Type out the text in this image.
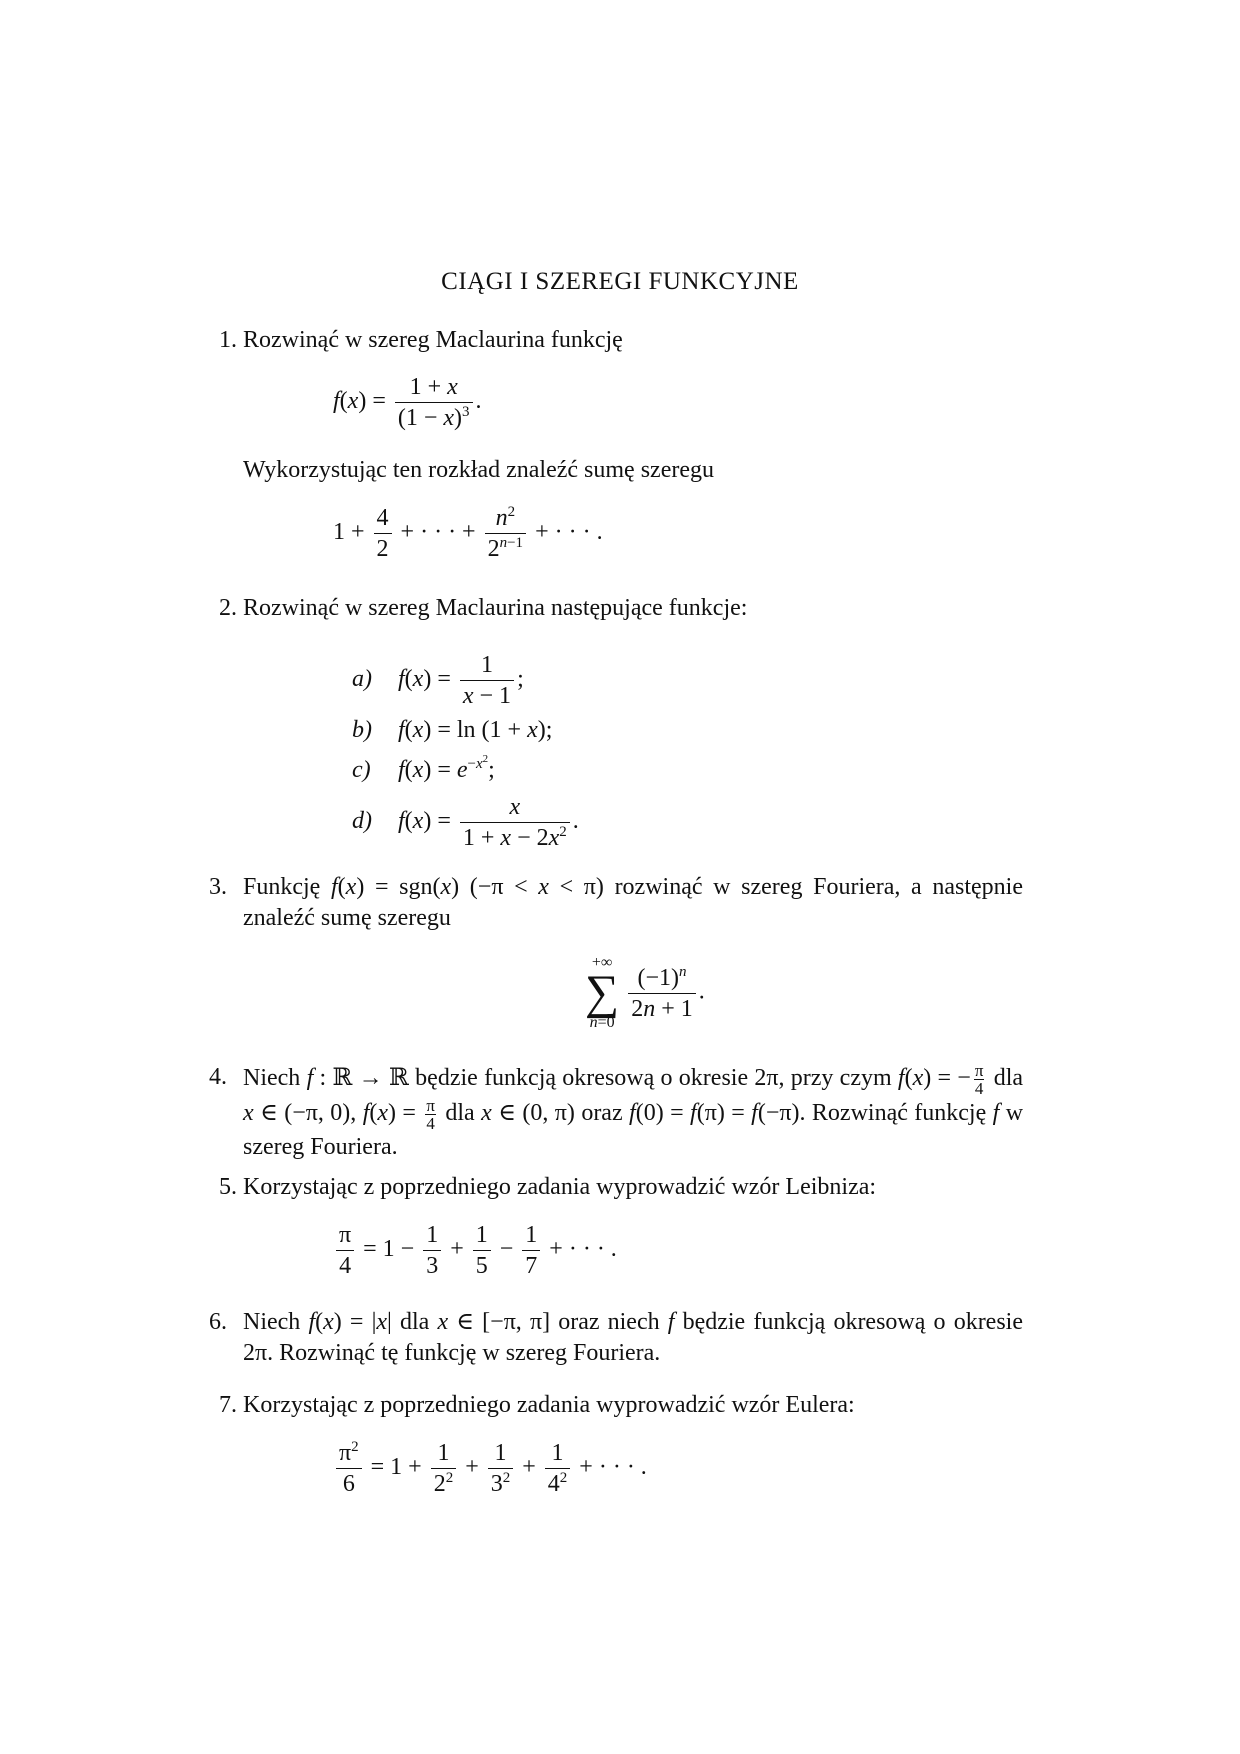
CIĄGI I SZEREGI FUNKCYJNE
1. Rozwinąć w szereg Maclaurina funkcję
$f(x) = \frac{1 + x}{(1 - x)^3}$ .
Wykorzystując ten rozkład znaleźć sumę szeregu
$1 + \frac{4}{2}$ + · · · + $\frac{n^2}{2^{n-1}}$ + · · · .
2. Rozwinąć w szereg Maclaurina następujące funkcje:
a) $f(x) = \frac{1}{x - 1}$ ;
b) f(x) = ln (1 + x);
c) $f(x) = e^{-x^2}$;
d) $f(x) = \frac{x}{1 + x - 2x^2}$ .
3. Funkcję f(x) = sgn(x) (−π < x < π) rozwinąć w szereg Fouriera, a następnie znaleźć sumę szeregu
+∞
∑
n=0
$\frac{(-1)^n}{2n + 1}$ .
4. Niech f : ℝ → ℝ będzie funkcją okresową o okresie 2π, przy czym f(x) = − $\frac{\pi}{4}$ dla x ∈ (−π, 0), $f(x) = \frac{\pi}{4}$ dla x ∈ (0, π) oraz f(0) = f(π) = f(−π). Rozwinąć funkcję f w szereg Fouriera.
5. Korzystając z poprzedniego zadania wyprowadzić wzór Leibniza:
$\frac{\pi}{4} = 1 - \frac{1}{3} + \frac{1}{5} - \frac{1}{7}$ + · · · .
6. Niech f(x) = |x| dla x ∈ [−π, π] oraz niech f będzie funkcją okresową o okresie 2π. Rozwinąć tę funkcję w szereg Fouriera.
7. Korzystając z poprzedniego zadania wyprowadzić wzór Eulera:
$\frac{\pi^2}{6} = 1 + \frac{1}{2^2} + \frac{1}{3^2} + \frac{1}{4^2}$ + · · · .
